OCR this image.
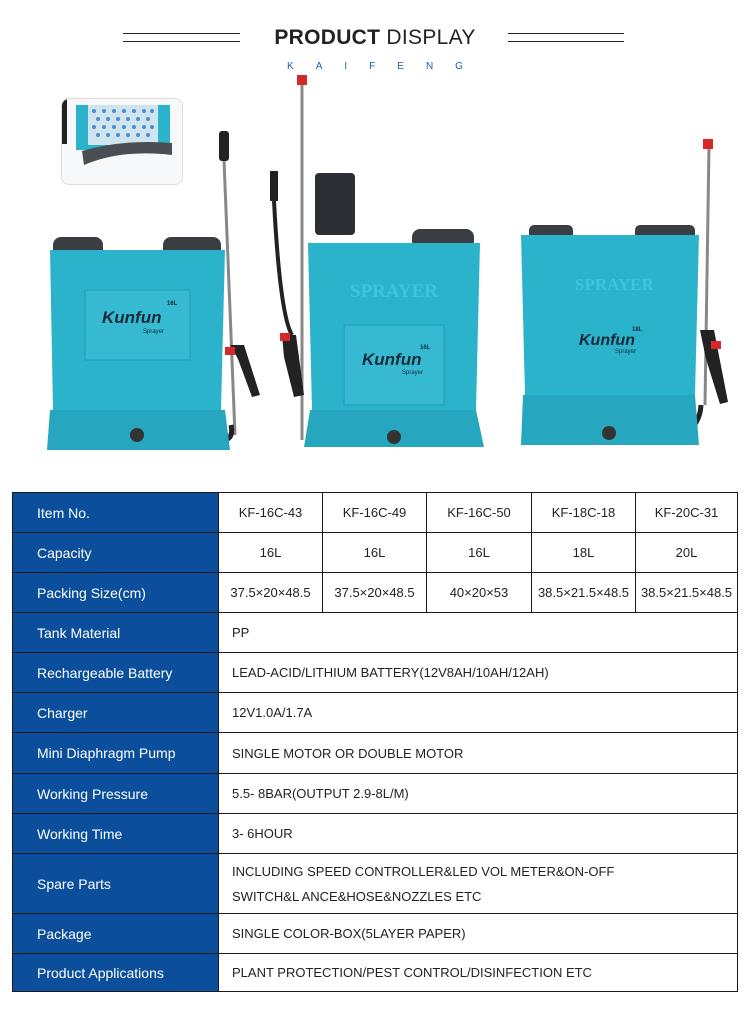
PRODUCT DISPLAY
KAIFENG
Kunfun
Sprayer
16L
SPRAYER
Kunfun
Sprayer
16L
SPRAYER
Kunfun
Sprayer
18L
Item No.	KF-16C-43	KF-16C-49	KF-16C-50	KF-18C-18	KF-20C-31
Capacity	16L	16L	16L	18L	20L
Packing Size(cm)	37.5×20×48.5	37.5×20×48.5	40×20×53	38.5×21.5×48.5	38.5×21.5×48.5
Tank Material	PP				
Rechargeable Battery	LEAD-ACID/LITHIUM BATTERY(12V8AH/10AH/12AH)				
Charger	12V1.0A/1.7A				
Mini Diaphragm Pump	SINGLE MOTOR OR DOUBLE MOTOR				
Working Pressure	5.5- 8BAR(OUTPUT 2.9-8L/M)				
Working Time	3- 6HOUR				
Spare Parts	INCLUDING SPEED CONTROLLER&LED VOL METER&ON-OFF
SWITCH&L ANCE&HOSE&NOZZLES ETC				

Package	SINGLE COLOR-BOX(5LAYER PAPER)				
Product Applications	PLANT PROTECTION/PEST CONTROL/DISINFECTION ETC				
